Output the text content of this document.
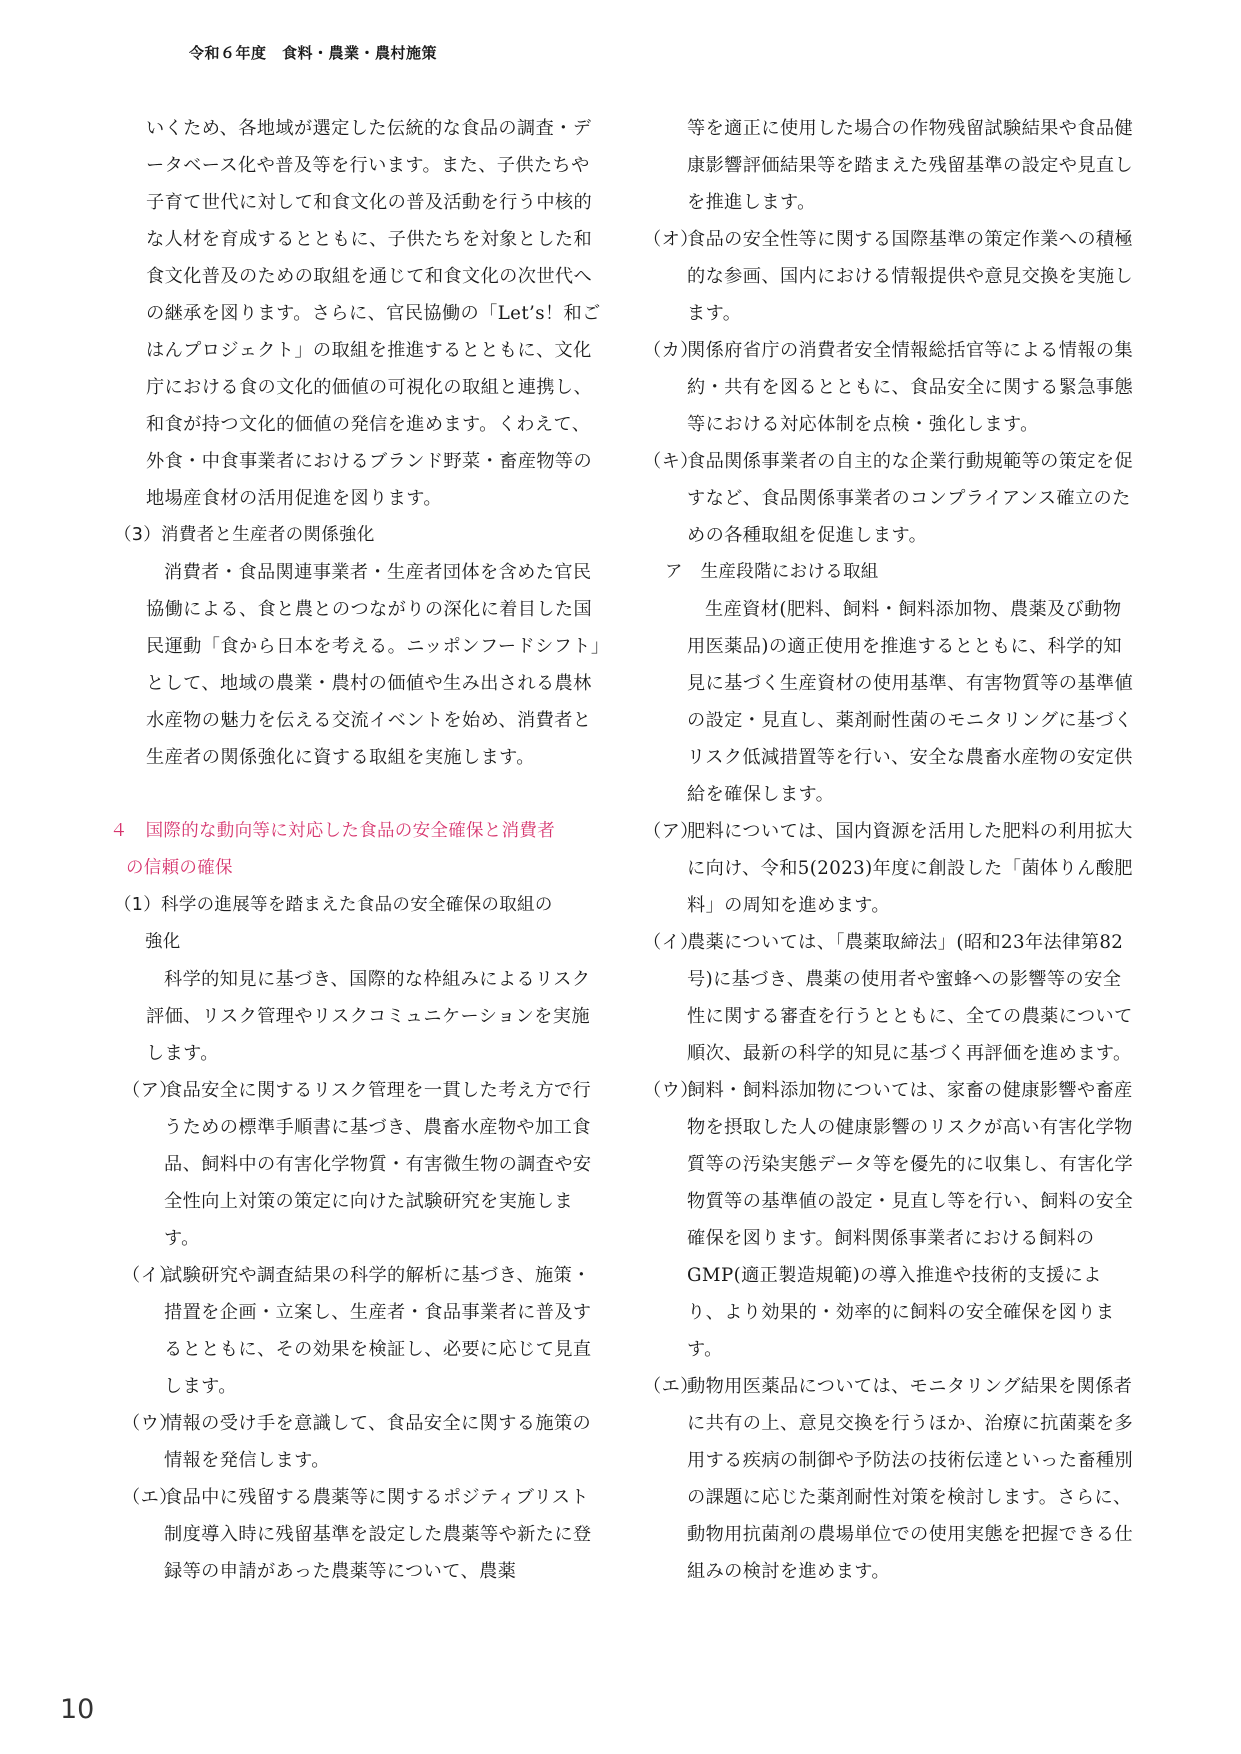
令和６年度　食料・農業・農村施策

いくため、各地域が選定した伝統的な食品の調査・データベース化や普及等を行います。また、子供たちや子育て世代に対して和食文化の普及活動を行う中核的な人材を育成するとともに、子供たちを対象とした和食文化普及のための取組を通じて和食文化の次世代への継承を図ります。さらに、官民協働の「Let’s！和ごはんプロジェクト」の取組を推進するとともに、文化庁における食の文化的価値の可視化の取組と連携し、和食が持つ文化的価値の発信を進めます。くわえて、外食・中食事業者におけるブランド野菜・畜産物等の地場産食材の活用促進を図ります。

（3）消費者と生産者の関係強化

消費者・食品関連事業者・生産者団体を含めた官民協働による、食と農とのつながりの深化に着目した国民運動「食から日本を考える。ニッポンフードシフト」として、地域の農業・農村の価値や生み出される農林水産物の魅力を伝える交流イベントを始め、消費者と生産者の関係強化に資する取組を実施します。

４　国際的な動向等に対応した食品の安全確保と消費者

の信頼の確保

（1）科学の進展等を踏まえた食品の安全確保の取組の

強化

科学的知見に基づき、国際的な枠組みによるリスク評価、リスク管理やリスクコミュニケーションを実施します。

（ア）

食品安全に関するリスク管理を一貫した考え方で行うための標準手順書に基づき、農畜水産物や加工食品、飼料中の有害化学物質・有害微生物の調査や安全性向上対策の策定に向けた試験研究を実施します。

（イ）

試験研究や調査結果の科学的解析に基づき、施策・措置を企画・立案し、生産者・食品事業者に普及するとともに、その効果を検証し、必要に応じて見直します。

（ウ）

情報の受け手を意識して、食品安全に関する施策の情報を発信します。

（エ）

食品中に残留する農薬等に関するポジティブリスト制度導入時に残留基準を設定した農薬等や新たに登録等の申請があった農薬等について、農薬

等を適正に使用した場合の作物残留試験結果や食品健康影響評価結果等を踏まえた残留基準の設定や見直しを推進します。

（オ）

食品の安全性等に関する国際基準の策定作業への積極的な参画、国内における情報提供や意見交換を実施します。

（カ）

関係府省庁の消費者安全情報総括官等による情報の集約・共有を図るとともに、食品安全に関する緊急事態等における対応体制を点検・強化します。

（キ）

食品関係事業者の自主的な企業行動規範等の策定を促すなど、食品関係事業者のコンプライアンス確立のための各種取組を促進します。

ア　生産段階における取組

生産資材(肥料、飼料・飼料添加物、農薬及び動物用医薬品)の適正使用を推進するとともに、科学的知見に基づく生産資材の使用基準、有害物質等の基準値の設定・見直し、薬剤耐性菌のモニタリングに基づくリスク低減措置等を行い、安全な農畜水産物の安定供給を確保します。

（ア）

肥料については、国内資源を活用した肥料の利用拡大に向け、令和5(2023)年度に創設した「菌体りん酸肥料」の周知を進めます。

（イ）

農薬については、「農薬取締法」(昭和23年法律第82号)に基づき、農薬の使用者や蜜蜂への影響等の安全性に関する審査を行うとともに、全ての農薬について順次、最新の科学的知見に基づく再評価を進めます。

（ウ）

飼料・飼料添加物については、家畜の健康影響や畜産物を摂取した人の健康影響のリスクが高い有害化学物質等の汚染実態データ等を優先的に収集し、有害化学物質等の基準値の設定・見直し等を行い、飼料の安全確保を図ります。飼料関係事業者における飼料のGMP(適正製造規範)の導入推進や技術的支援により、より効果的・効率的に飼料の安全確保を図ります。

（エ）

動物用医薬品については、モニタリング結果を関係者に共有の上、意見交換を行うほか、治療に抗菌薬を多用する疾病の制御や予防法の技術伝達といった畜種別の課題に応じた薬剤耐性対策を検討します。さらに、動物用抗菌剤の農場単位での使用実態を把握できる仕組みの検討を進めます。

10
